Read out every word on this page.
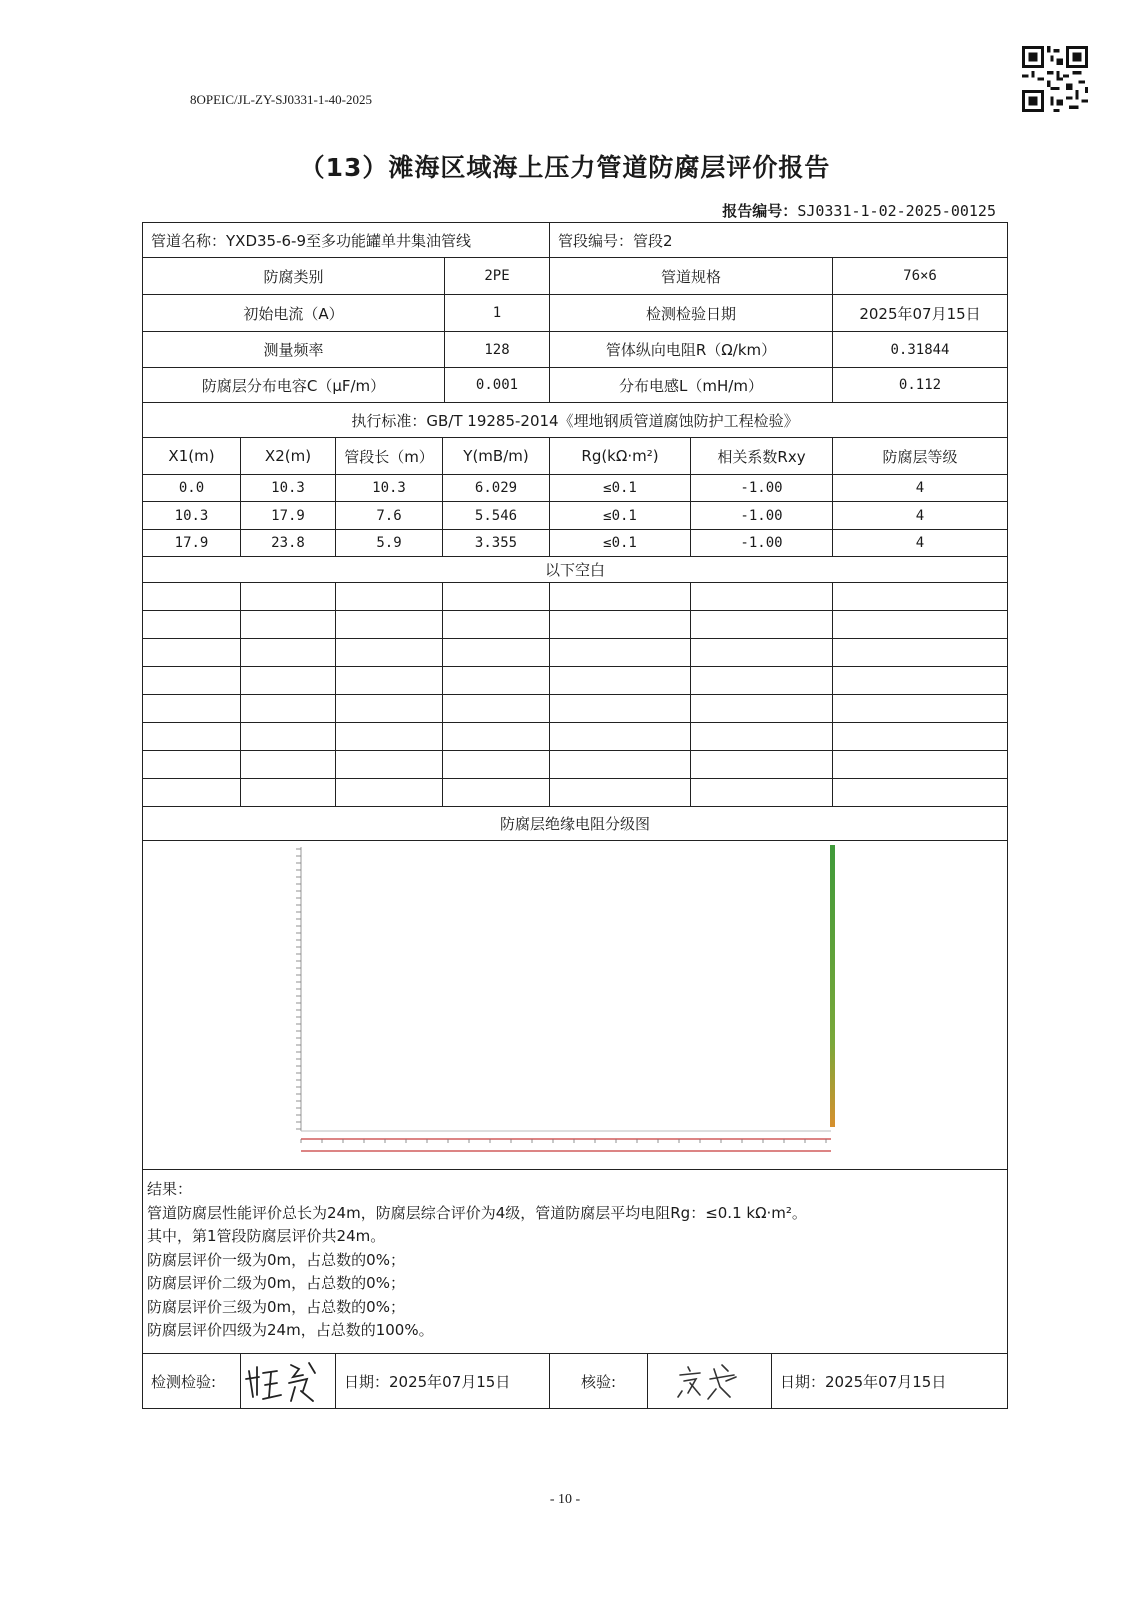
8OPEIC/JL-ZY-SJ0331-1-40-2025
（13）滩海区域海上压力管道防腐层评价报告
报告编号：SJ0331-1-02-2025-00125
管道名称：YXD35-6-9至多功能罐单井集油管线	管段编号：管段2
防腐类别	2PE	管道规格	76×6
初始电流（A）	1	检测检验日期	2025年07月15日
测量频率	128	管体纵向电阻R（Ω/km）	0.31844
防腐层分布电容C（μF/m）	0.001	分布电感L（mH/m）	0.112
执行标准：GB/T 19285-2014《埋地钢质管道腐蚀防护工程检验》
X1(m)	X2(m)	管段长（m）	Y(mB/m)	Rg(kΩ·m²)	相关系数Rxy	防腐层等级
0.0	10.3	10.3	6.029	≤0.1	-1.00	4
10.3	17.9	7.6	5.546	≤0.1	-1.00	4
17.9	23.8	5.9	3.355	≤0.1	-1.00	4
以下空白
防腐层绝缘电阻分级图
结果：
管道防腐层性能评价总长为24m，防腐层综合评价为4级，管道防腐层平均电阻Rg：≤0.1 kΩ·m²。
其中，第1管段防腐层评价共24m。
防腐层评价一级为0m，占总数的0%；
防腐层评价二级为0m，占总数的0%；
防腐层评价三级为0m，占总数的0%；
防腐层评价四级为24m，占总数的100%。
检测检验:	日期：2025年07月15日	核验:	日期：2025年07月15日
- 10 -
